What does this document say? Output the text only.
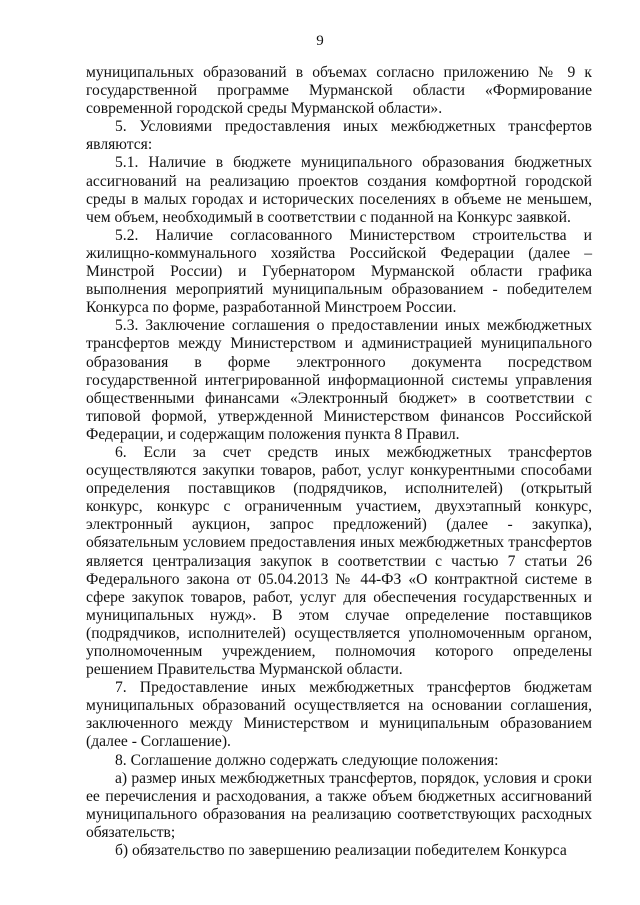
9

муниципальных образований в объемах согласно приложению № 9 к государственной программе Мурманской области «Формирование современной городской среды Мурманской области».

5. Условиями предоставления иных межбюджетных трансфертов являются:

5.1. Наличие в бюджете муниципального образования бюджетных ассигнований на реализацию проектов создания комфортной городской среды в малых городах и исторических поселениях в объеме не меньшем, чем объем, необходимый в соответствии с поданной на Конкурс заявкой.

5.2. Наличие согласованного Министерством строительства и жилищно-коммунального хозяйства Российской Федерации (далее – Минстрой России) и Губернатором Мурманской области графика выполнения мероприятий муниципальным образованием - победителем Конкурса по форме, разработанной Минстроем России.

5.3. Заключение соглашения о предоставлении иных межбюджетных трансфертов между Министерством и администрацией муниципального образования в форме электронного документа посредством государственной интегрированной информационной системы управления общественными финансами «Электронный бюджет» в соответствии с типовой формой, утвержденной Министерством финансов Российской Федерации, и содержащим положения пункта 8 Правил.

6. Если за счет средств иных межбюджетных трансфертов осуществляются закупки товаров, работ, услуг конкурентными способами определения поставщиков (подрядчиков, исполнителей) (открытый конкурс, конкурс с ограниченным участием, двухэтапный конкурс, электронный аукцион, запрос предложений) (далее - закупка), обязательным условием предоставления иных межбюджетных трансфертов является централизация закупок в соответствии с частью 7 статьи 26 Федерального закона от 05.04.2013 № 44-ФЗ «О контрактной системе в сфере закупок товаров, работ, услуг для обеспечения государственных и муниципальных нужд». В этом случае определение поставщиков (подрядчиков, исполнителей) осуществляется уполномоченным органом, уполномоченным учреждением, полномочия которого определены решением Правительства Мурманской области.

7. Предоставление иных межбюджетных трансфертов бюджетам муниципальных образований осуществляется на основании соглашения, заключенного между Министерством и муниципальным образованием (далее - Соглашение).

8. Соглашение должно содержать следующие положения:

а) размер иных межбюджетных трансфертов, порядок, условия и сроки ее перечисления и расходования, а также объем бюджетных ассигнований муниципального образования на реализацию соответствующих расходных обязательств;

б) обязательство по завершению реализации победителем Конкурса
